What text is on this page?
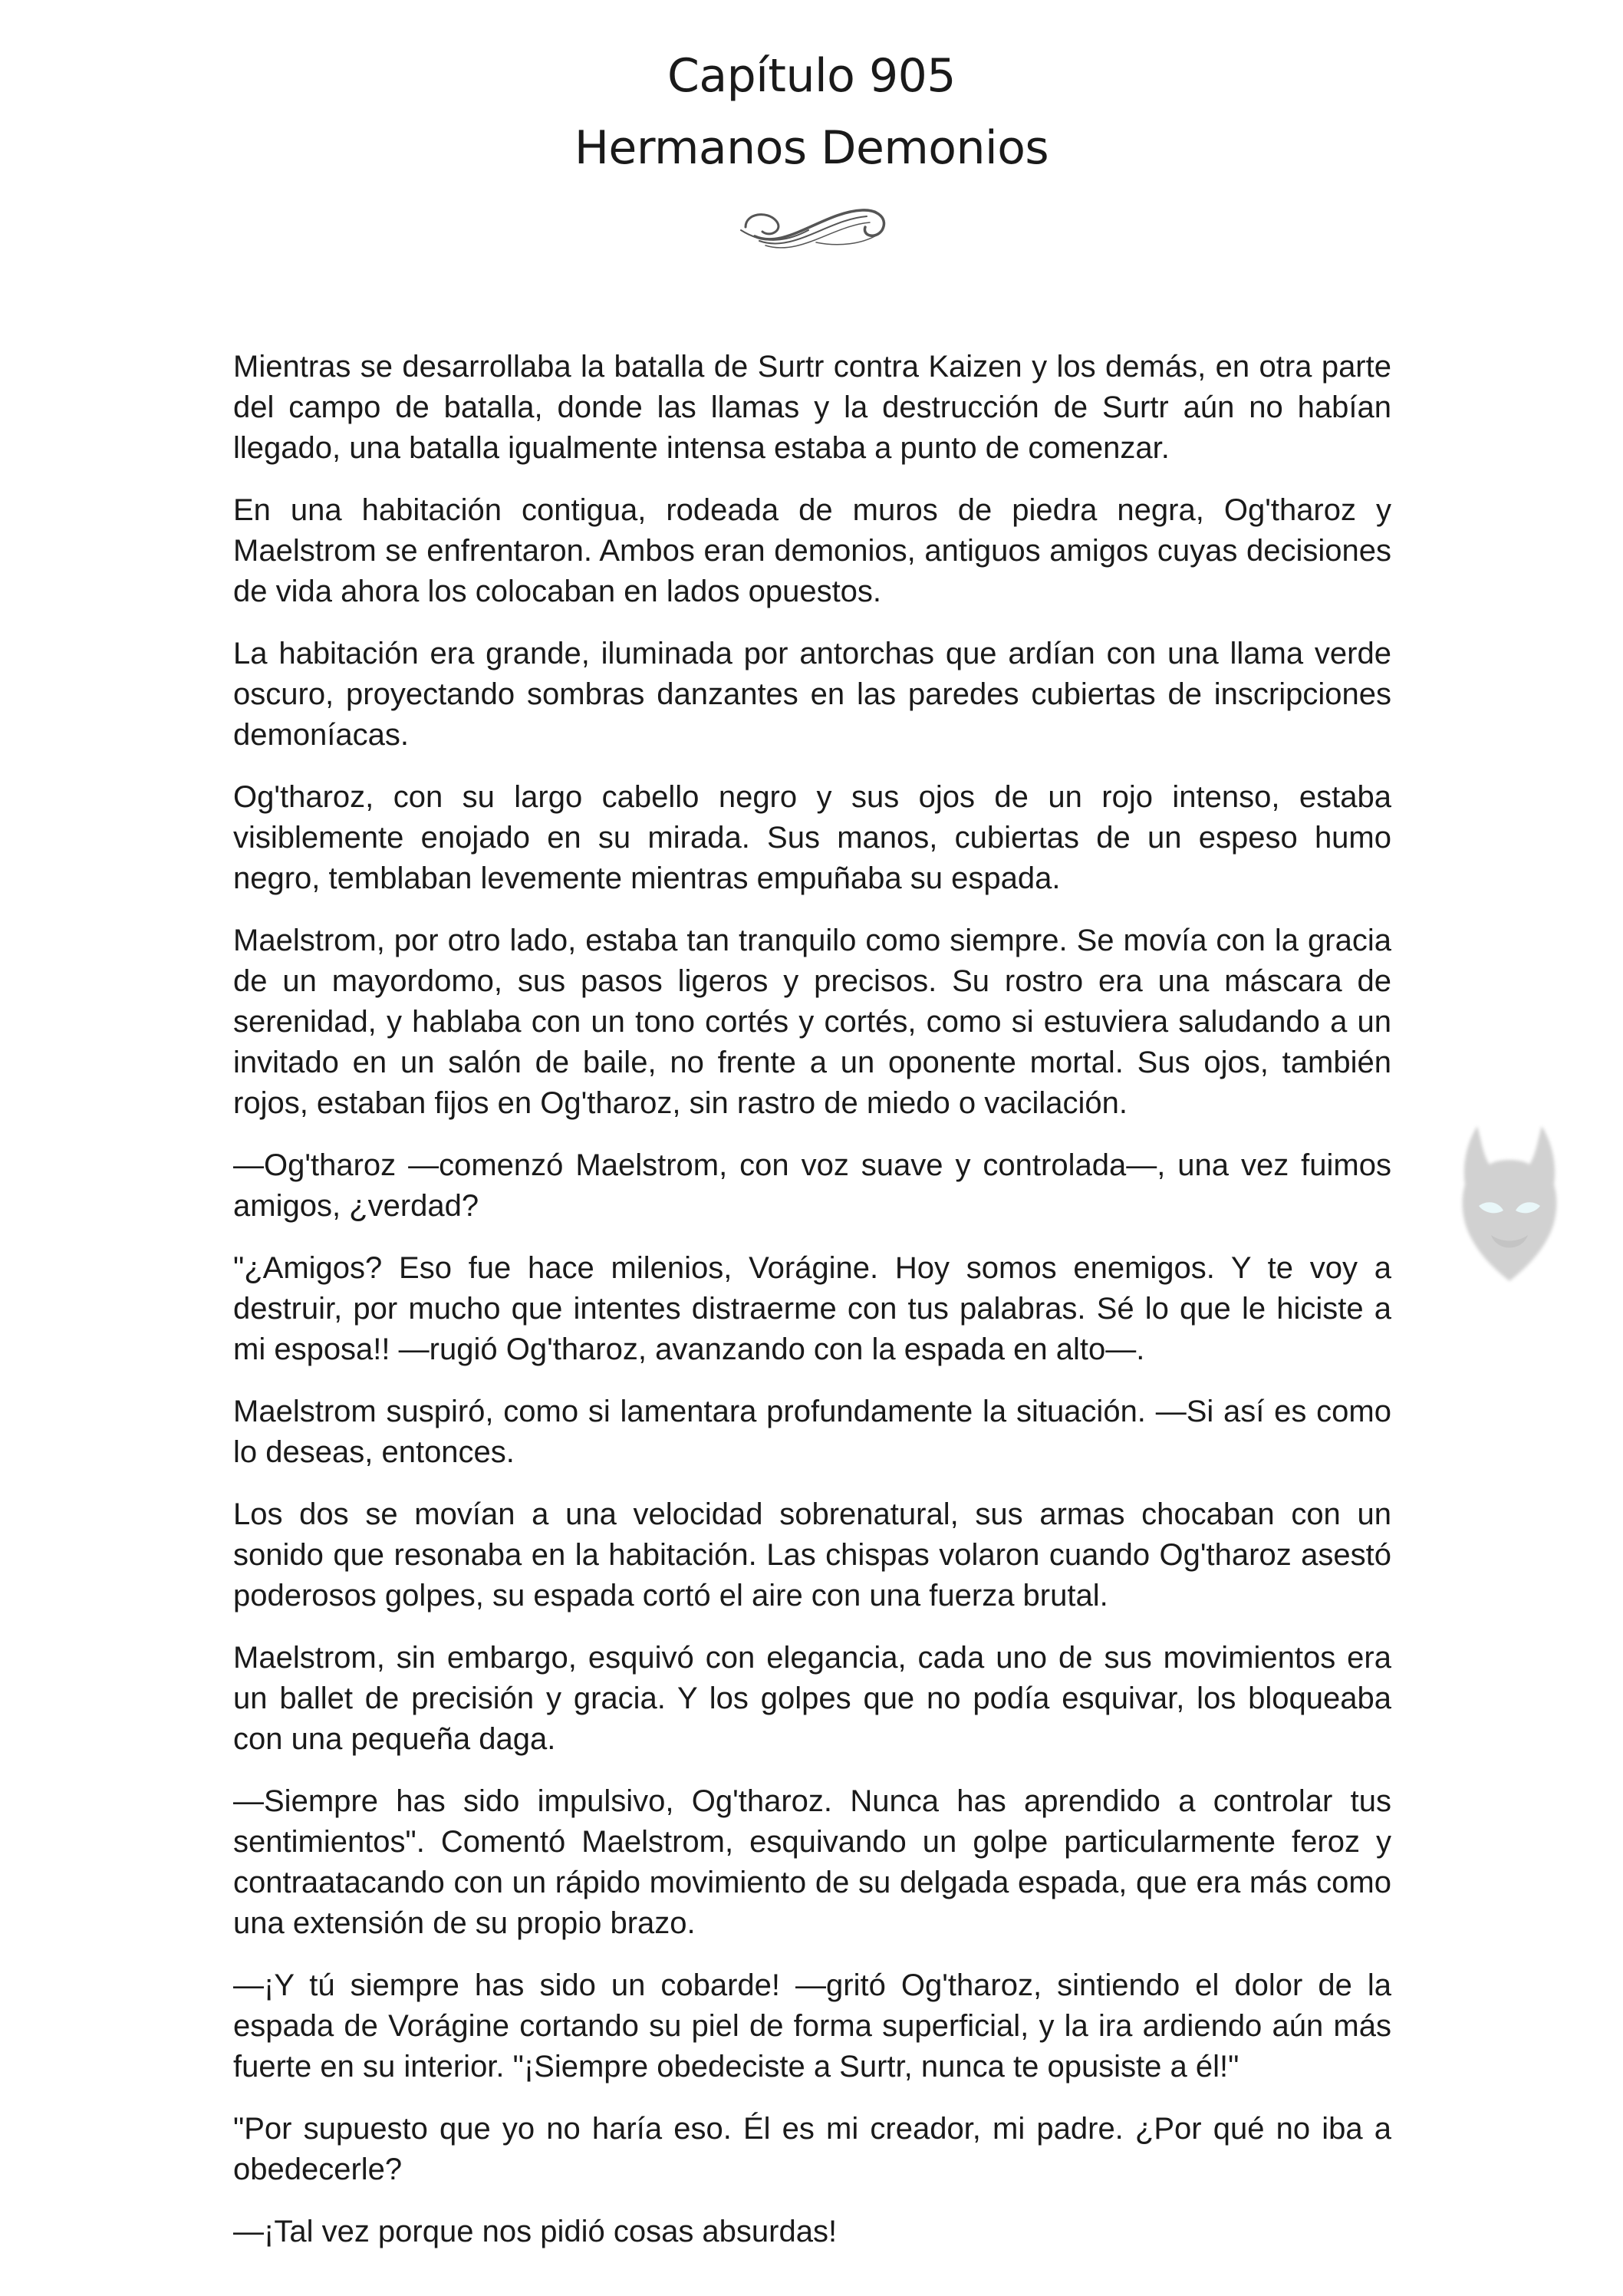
Capítulo 905
Hermanos Demonios

Mientras se desarrollaba la batalla de Surtr contra Kaizen y los demás, en otra parte del campo de batalla, donde las llamas y la destrucción de Surtr aún no habían llegado, una batalla igualmente intensa estaba a punto de comenzar.

En una habitación contigua, rodeada de muros de piedra negra, Og'tharoz y Maelstrom se enfrentaron. Ambos eran demonios, antiguos amigos cuyas decisiones de vida ahora los colocaban en lados opuestos.

La habitación era grande, iluminada por antorchas que ardían con una llama verde oscuro, proyectando sombras danzantes en las paredes cubiertas de inscripciones demoníacas.

Og'tharoz, con su largo cabello negro y sus ojos de un rojo intenso, estaba visiblemente enojado en su mirada. Sus manos, cubiertas de un espeso humo negro, temblaban levemente mientras empuñaba su espada.

Maelstrom, por otro lado, estaba tan tranquilo como siempre. Se movía con la gracia de un mayordomo, sus pasos ligeros y precisos. Su rostro era una máscara de serenidad, y hablaba con un tono cortés y cortés, como si estuviera saludando a un invitado en un salón de baile, no frente a un oponente mortal. Sus ojos, también rojos, estaban fijos en Og'tharoz, sin rastro de miedo o vacilación.

—Og'tharoz —comenzó Maelstrom, con voz suave y controlada—, una vez fuimos amigos, ¿verdad?

"¿Amigos? Eso fue hace milenios, Vorágine. Hoy somos enemigos. Y te voy a destruir, por mucho que intentes distraerme con tus palabras. Sé lo que le hiciste a mi esposa!! —rugió Og'tharoz, avanzando con la espada en alto—.

Maelstrom suspiró, como si lamentara profundamente la situación. —Si así es como lo deseas, entonces.

Los dos se movían a una velocidad sobrenatural, sus armas chocaban con un sonido que resonaba en la habitación. Las chispas volaron cuando Og'tharoz asestó poderosos golpes, su espada cortó el aire con una fuerza brutal.

Maelstrom, sin embargo, esquivó con elegancia, cada uno de sus movimientos era un ballet de precisión y gracia. Y los golpes que no podía esquivar, los bloqueaba con una pequeña daga.

—Siempre has sido impulsivo, Og'tharoz. Nunca has aprendido a controlar tus sentimientos". Comentó Maelstrom, esquivando un golpe particularmente feroz y contraatacando con un rápido movimiento de su delgada espada, que era más como una extensión de su propio brazo.

—¡Y tú siempre has sido un cobarde! —gritó Og'tharoz, sintiendo el dolor de la espada de Vorágine cortando su piel de forma superficial, y la ira ardiendo aún más fuerte en su interior. "¡Siempre obedeciste a Surtr, nunca te opusiste a él!"

"Por supuesto que yo no haría eso. Él es mi creador, mi padre. ¿Por qué no iba a obedecerle?

—¡Tal vez porque nos pidió cosas absurdas!
